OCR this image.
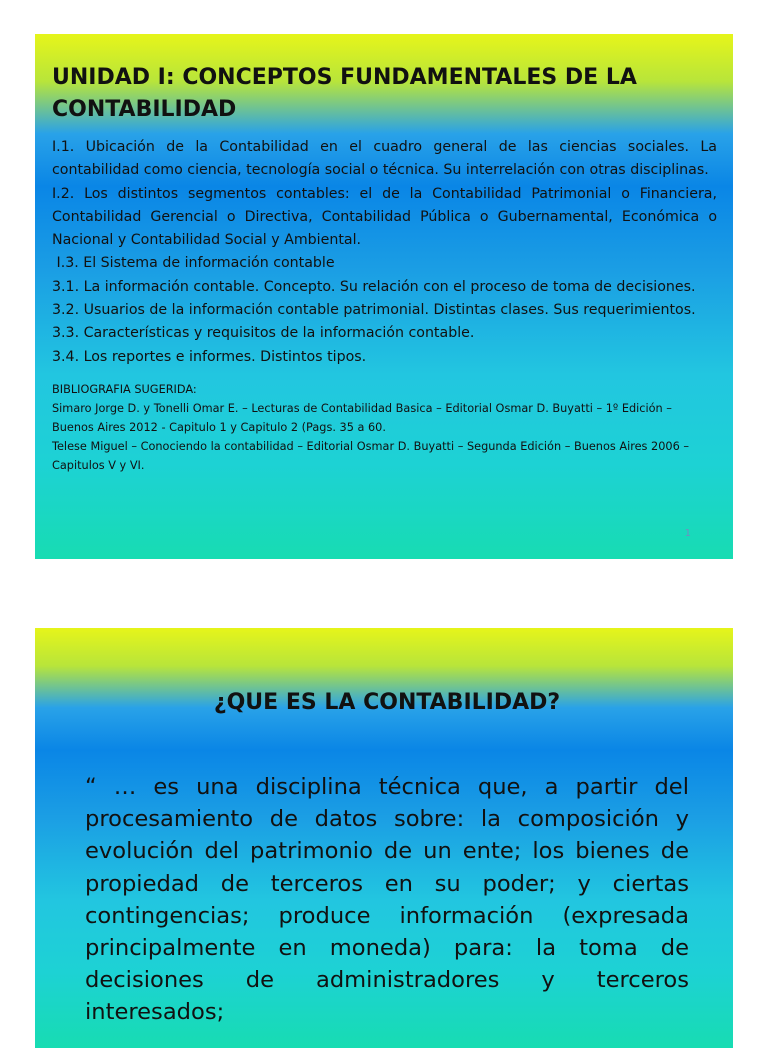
UNIDAD I: CONCEPTOS FUNDAMENTALES DE LA CONTABILIDAD

I.1. Ubicación de la Contabilidad en el cuadro general de las ciencias sociales. La contabilidad como ciencia, tecnología social o técnica. Su interrelación con otras disciplinas.

I.2. Los distintos segmentos contables: el de la Contabilidad Patrimonial o Financiera, Contabilidad Gerencial o Directiva, Contabilidad Pública o Gubernamental, Económica o Nacional y Contabilidad Social y Ambiental.

I.3. El Sistema de información contable

3.1. La información contable. Concepto. Su relación con el proceso de toma de decisiones.

3.2. Usuarios de la información contable patrimonial. Distintas clases. Sus requerimientos.

3.3. Características y requisitos de la información contable.

3.4. Los reportes e informes. Distintos tipos.

BIBLIOGRAFIA SUGERIDA:

Simaro Jorge D. y Tonelli Omar E. – Lecturas de Contabilidad Basica – Editorial Osmar D. Buyatti – 1º Edición – Buenos Aires 2012 - Capitulo 1 y Capitulo 2 (Pags. 35 a 60.

Telese Miguel – Conociendo la contabilidad – Editorial Osmar D. Buyatti – Segunda Edición – Buenos Aires 2006 – Capitulos V y VI.

1
¿QUE ES LA CONTABILIDAD?

“ … es una disciplina técnica que, a partir del procesamiento de datos sobre: la composición y evolución del patrimonio de un ente; los bienes de propiedad de terceros en su poder; y ciertas contingencias; produce información (expresada principalmente en moneda) para: la toma de decisiones de administradores y terceros interesados;
